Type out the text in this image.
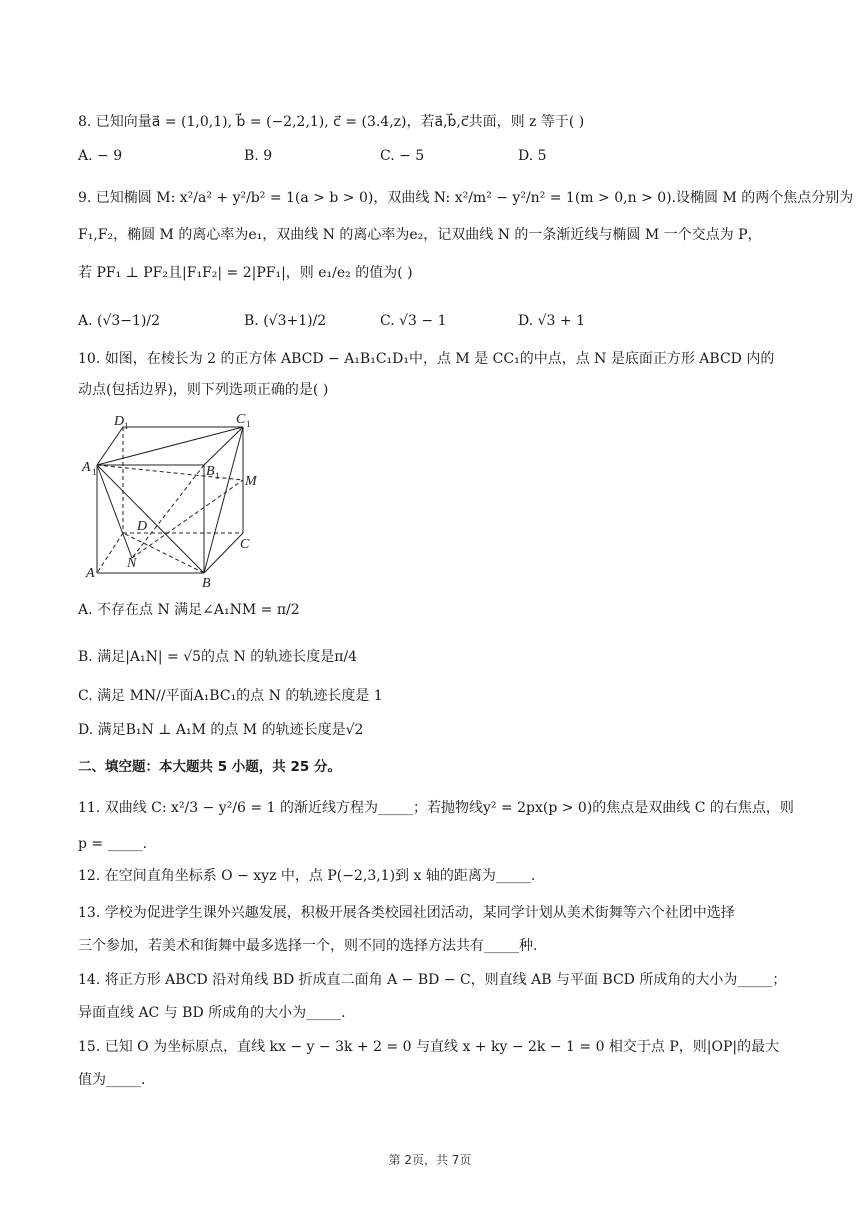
8. 已知向量a⃗ = (1,0,1), b⃗ = (−2,2,1), c⃗ = (3.4,z)，若a⃗,b⃗,c⃗共面，则 z 等于( )
A. − 9	B. 9	C. − 5	D. 5
9. 已知椭圆 M: x²/a² + y²/b² = 1(a > b > 0)，双曲线 N: x²/m² − y²/n² = 1(m > 0,n > 0).设椭圆 M 的两个焦点分别为
F₁,F₂，椭圆 M 的离心率为e₁，双曲线 N 的离心率为e₂，记双曲线 N 的一条渐近线与椭圆 M 一个交点为 P，
若 PF₁ ⊥ PF₂且|F₁F₂| = 2|PF₁|，则 e₁/e₂ 的值为( )
A. (√3−1)/2	B. (√3+1)/2	C. √3 − 1	D. √3 + 1
10. 如图，在棱长为 2 的正方体 ABCD − A₁B₁C₁D₁中，点 M 是 CC₁的中点，点 N 是底面正方形 ABCD 内的
动点(包括边界)，则下列选项正确的是( )
A 1
D 1	C 1
B 1 M
D
C
N
A
B
A. 不存在点 N 满足∠A₁NM = π/2
B. 满足|A₁N| = √5的点 N 的轨迹长度是π/4
C. 满足 MN//平面A₁BC₁的点 N 的轨迹长度是 1
D. 满足B₁N ⊥ A₁M 的点 M 的轨迹长度是√2
二、填空题：本大题共 5 小题，共 25 分。
11. 双曲线 C: x²/3 − y²/6 = 1 的渐近线方程为_____；若抛物线y² = 2px(p > 0)的焦点是双曲线 C 的右焦点，则
p = _____.
12. 在空间直角坐标系 O − xyz 中，点 P(−2,3,1)到 x 轴的距离为_____.
13. 学校为促进学生课外兴趣发展，积极开展各类校园社团活动，某同学计划从美术街舞等六个社团中选择
三个参加，若美术和街舞中最多选择一个，则不同的选择方法共有_____种.
14. 将正方形 ABCD 沿对角线 BD 折成直二面角 A − BD − C，则直线 AB 与平面 BCD 所成角的大小为_____；
异面直线 AC 与 BD 所成角的大小为_____.
15. 已知 O 为坐标原点，直线 kx − y − 3k + 2 = 0 与直线 x + ky − 2k − 1 = 0 相交于点 P，则|OP|的最大
值为_____.
第 2页，共 7页
